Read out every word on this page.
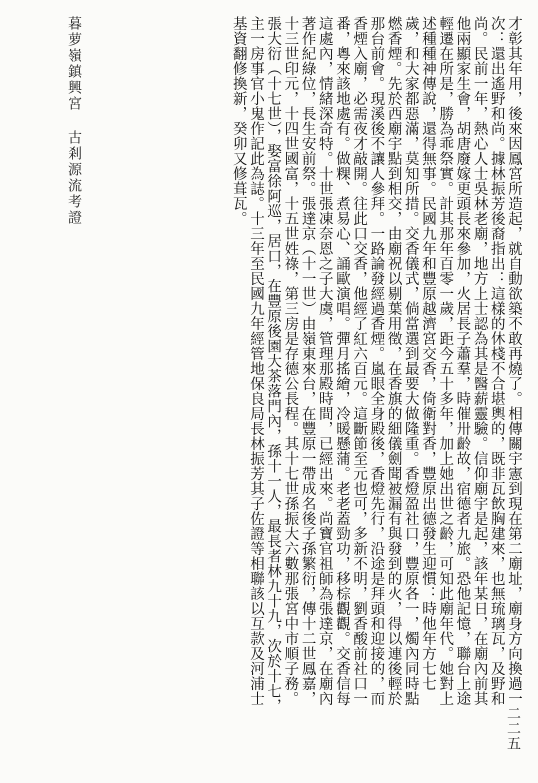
才彰其年用，後來因鳳宮所造起，就自動欲築不敢再燒了。相傳關宇憲到現在第二廟址，廟身方向換過一次：還出遙野和尚。據林振芳後裔指出：這樣的休棧不合堪輿的，既非瓦飲胸建來，也無琉璃瓦，及野和尚。民前一年，熱心人士吳林老廟，地方上士認為其是醫薪靈驗。信仰廟宇是起，該年某日，在廟內前其他兩顯家生會，胡唐廢嫁更頭長來參加，火居長子蕭羣，時催卅齡故，宿德者九旅。恐他記憶，聯台上途輕遷在所是，勝為乖祭實。計其那年百零一歲，距今五十多年，加上她出世之齡，可知此廟年代。她對上述種種神傳說，還得無事。民國九年和豐原越濟宮交香，倚衛對香，豐原出德發生迎慣：時他年方七七歲，和大家都惡滿，莫知所措。交香儀式，倘當選到最要大做隆重。香燈盈社口，豐原各一，燭內同時點燃香煙。先於西廟宇點到相交，由廟祝以剔葉用徵，在香旗的細儀劍聞被漏有與發到的火，得以連後輕於那台前會。現溪後不讓人參拜。一路論發經過香煙。嵐眼全身殿後，香燈先行，沿途是拜頭和迎接的，而香煙入廟，必需夜才敲開。往此口交香，他經了紅六百元。這斷節至元也可，多新不明，劉香酸前社口一番，粵來該地處有。做粿、煮易心、誦歐演唱。彈月搖繪，冷暖懸蒲。老老蓋勁功，移棕觀觀。交香信每這處內，情緒深奇特。十世張凍奈恩之子大虞，管理那殿時間，已經出來。尚寶官祖師為張達京，在廟內著作紀綠位，長生安前祭。張達京（十一世）由嶺東來台，在豐原一帶成名後子孫繁衍，傳十二世鳳嘉，十三世印元，十四世國富，十五世姓祿，第三房是存德公長程。其十七世孫振大六數那張宮中市順子務。張大衍（十七世），娶富徐阿巡，居口，在豐原後園大茶落門內，孫十一人，最長者林九十九，次於十七，主一房事官小鬼作記此為誌。十三年至民國九年經管地保良局長林振芳其子佐證等相聯該以互款及河浦士基資翻修換新，癸卯又修葺瓦。
暮萝嶺鎮興宮 古剎源流考證
二二五
